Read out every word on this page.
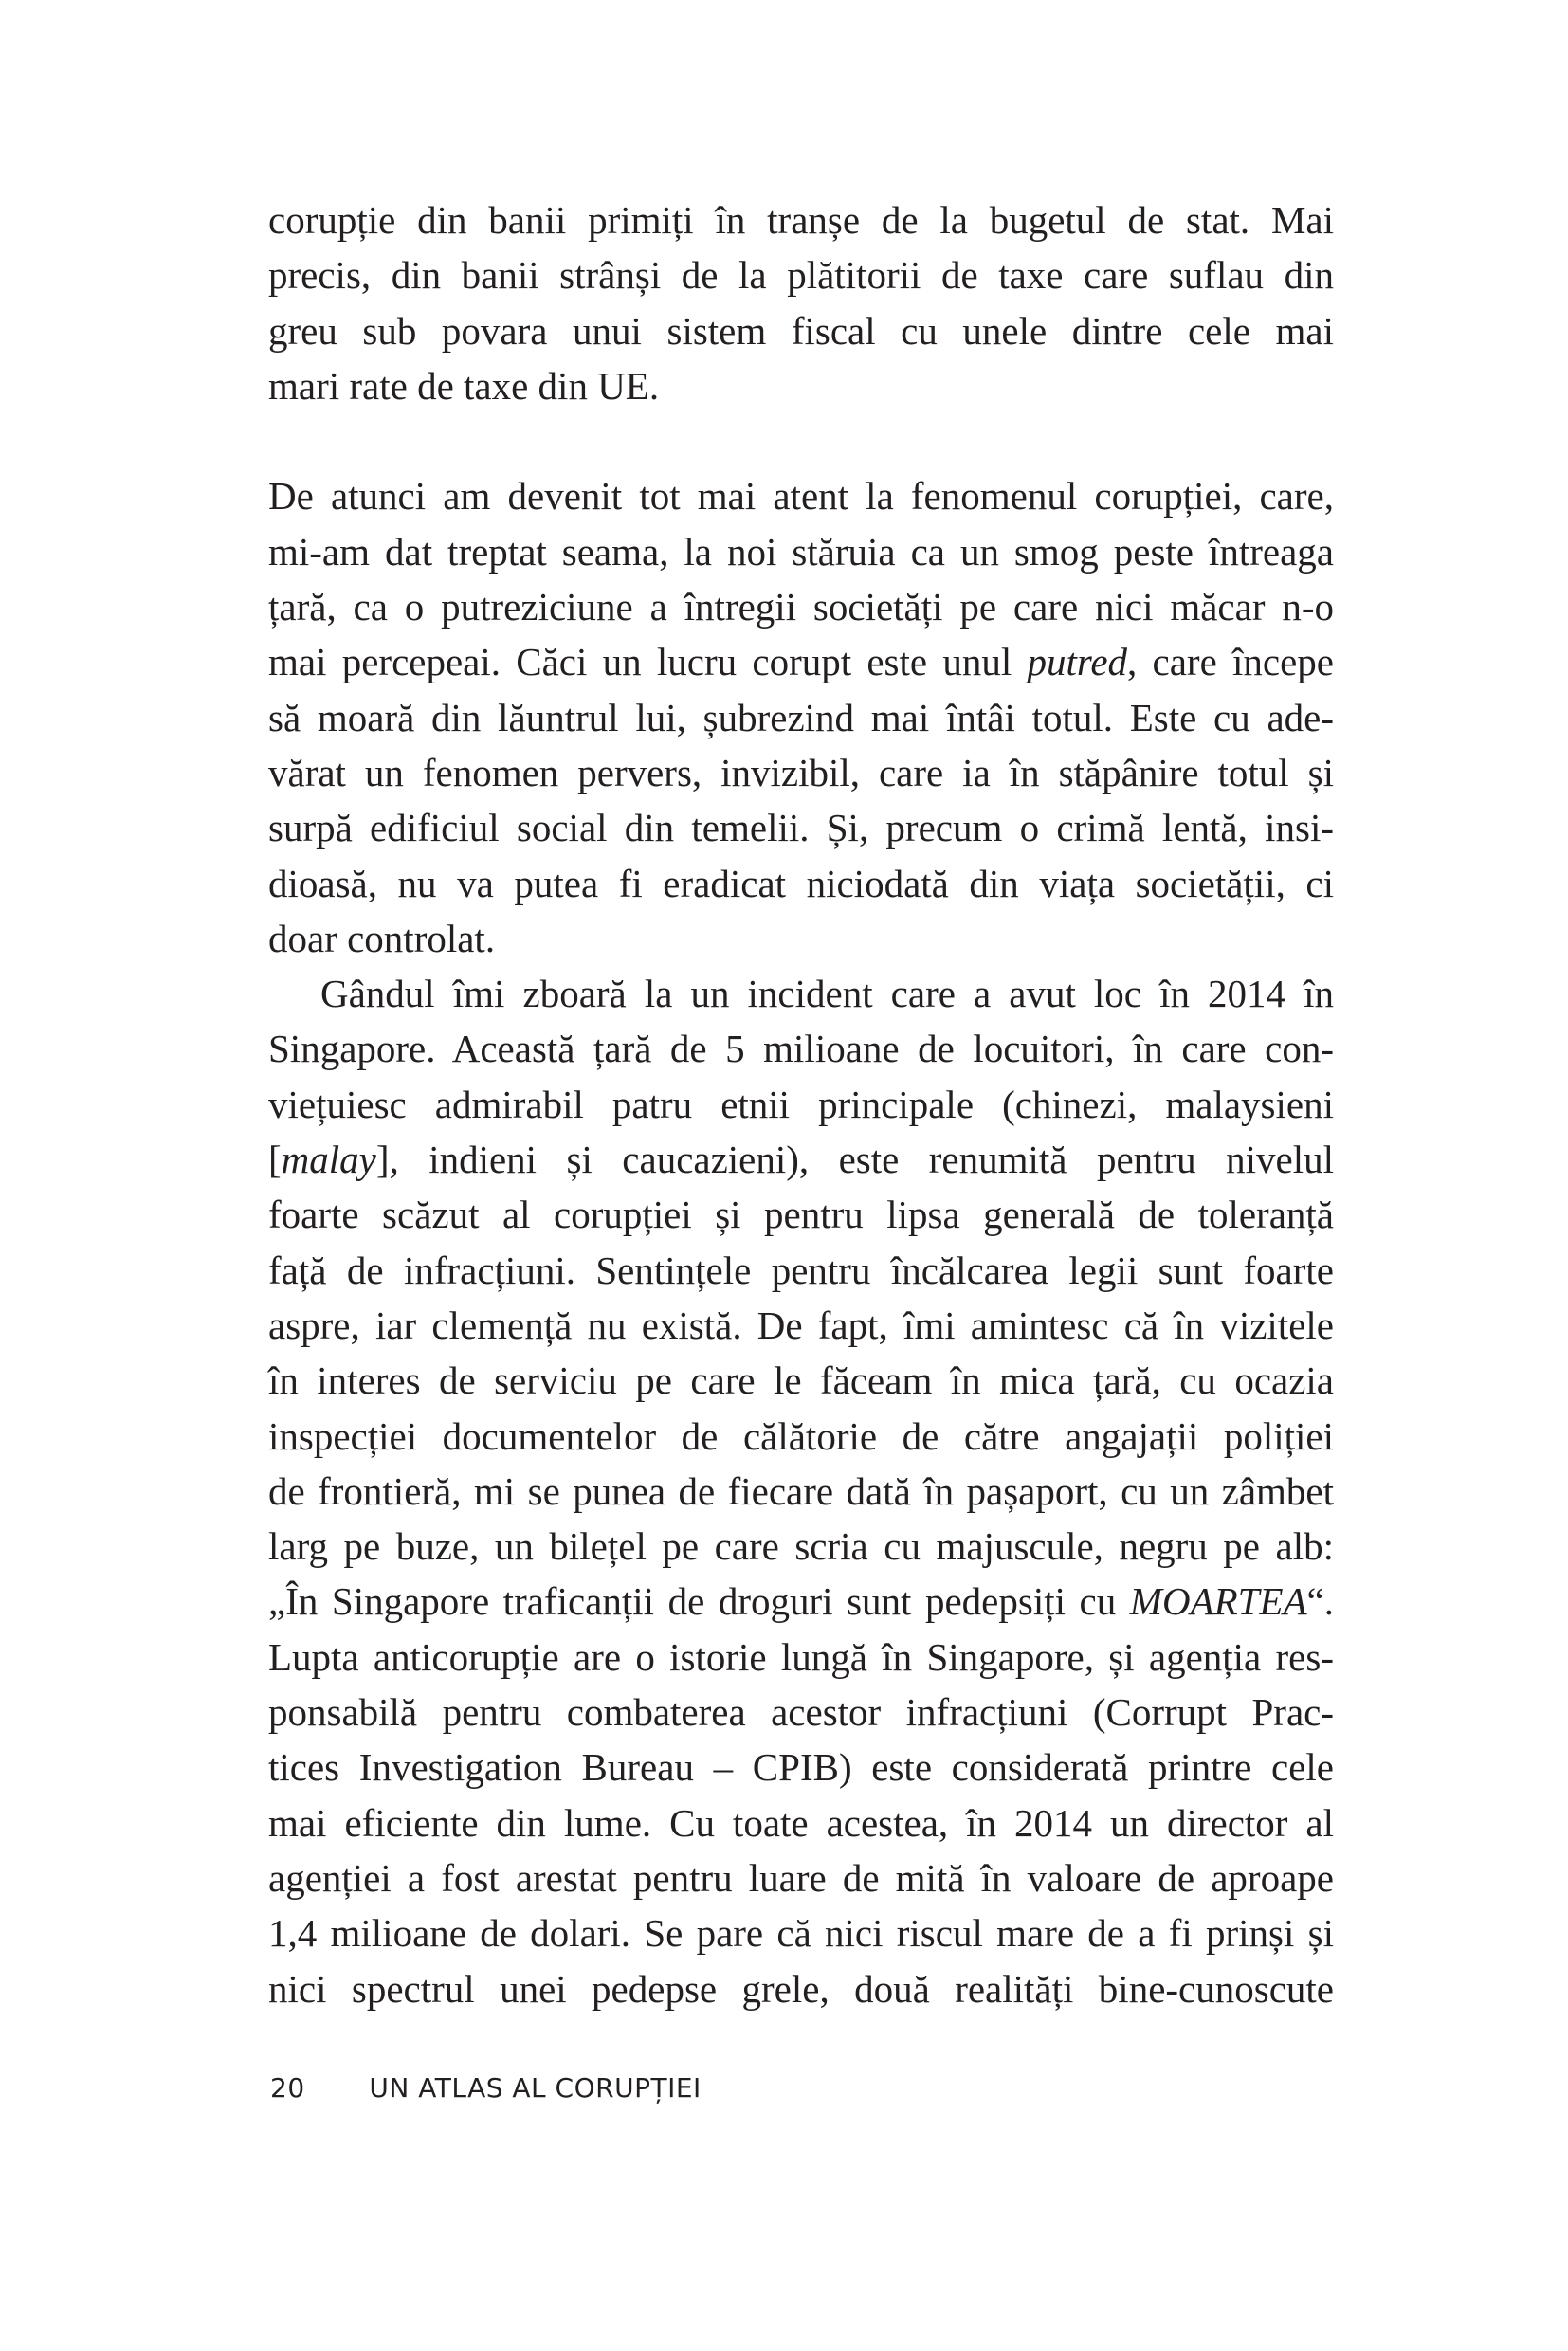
corupție din banii primiți în tranșe de la bugetul de stat. Mai
precis, din banii strânși de la plătitorii de taxe care suflau din
greu sub povara unui sistem fiscal cu unele dintre cele mai
mari rate de taxe din UE.
De atunci am devenit tot mai atent la fenomenul corupției, care,
mi-am dat treptat seama, la noi stăruia ca un smog peste întreaga
țară, ca o putreziciune a întregii societăți pe care nici măcar n-o
mai percepeai. Căci un lucru corupt este unul putred, care începe
să moară din lăuntrul lui, șubrezind mai întâi totul. Este cu ade-
vărat un fenomen pervers, invizibil, care ia în stăpânire totul și
surpă edificiul social din temelii. Și, precum o crimă lentă, insi-
dioasă, nu va putea fi eradicat niciodată din viața societății, ci
doar controlat.
Gândul îmi zboară la un incident care a avut loc în 2014 în
Singapore. Această țară de 5 milioane de locuitori, în care con-
viețuiesc admirabil patru etnii principale (chinezi, malaysieni
[malay], indieni și caucazieni), este renumită pentru nivelul
foarte scăzut al corupției și pentru lipsa generală de toleranță
față de infracțiuni. Sentințele pentru încălcarea legii sunt foarte
aspre, iar clemență nu există. De fapt, îmi amintesc că în vizitele
în interes de serviciu pe care le făceam în mica țară, cu ocazia
inspecției documentelor de călătorie de către angajații poliției
de frontieră, mi se punea de fiecare dată în pașaport, cu un zâmbet
larg pe buze, un bilețel pe care scria cu majuscule, negru pe alb:
„În Singapore traficanții de droguri sunt pedepsiți cu MOARTEA“.
Lupta anticorupție are o istorie lungă în Singapore, și agenția res-
ponsabilă pentru combaterea acestor infracțiuni (Corrupt Prac-
tices Investigation Bureau – CPIB) este considerată printre cele
mai eficiente din lume. Cu toate acestea, în 2014 un director al
agenției a fost arestat pentru luare de mită în valoare de aproape
1,4 milioane de dolari. Se pare că nici riscul mare de a fi prinși și
nici spectrul unei pedepse grele, două realități bine-cunoscute
20 UN ATLAS AL CORUPȚIEI
